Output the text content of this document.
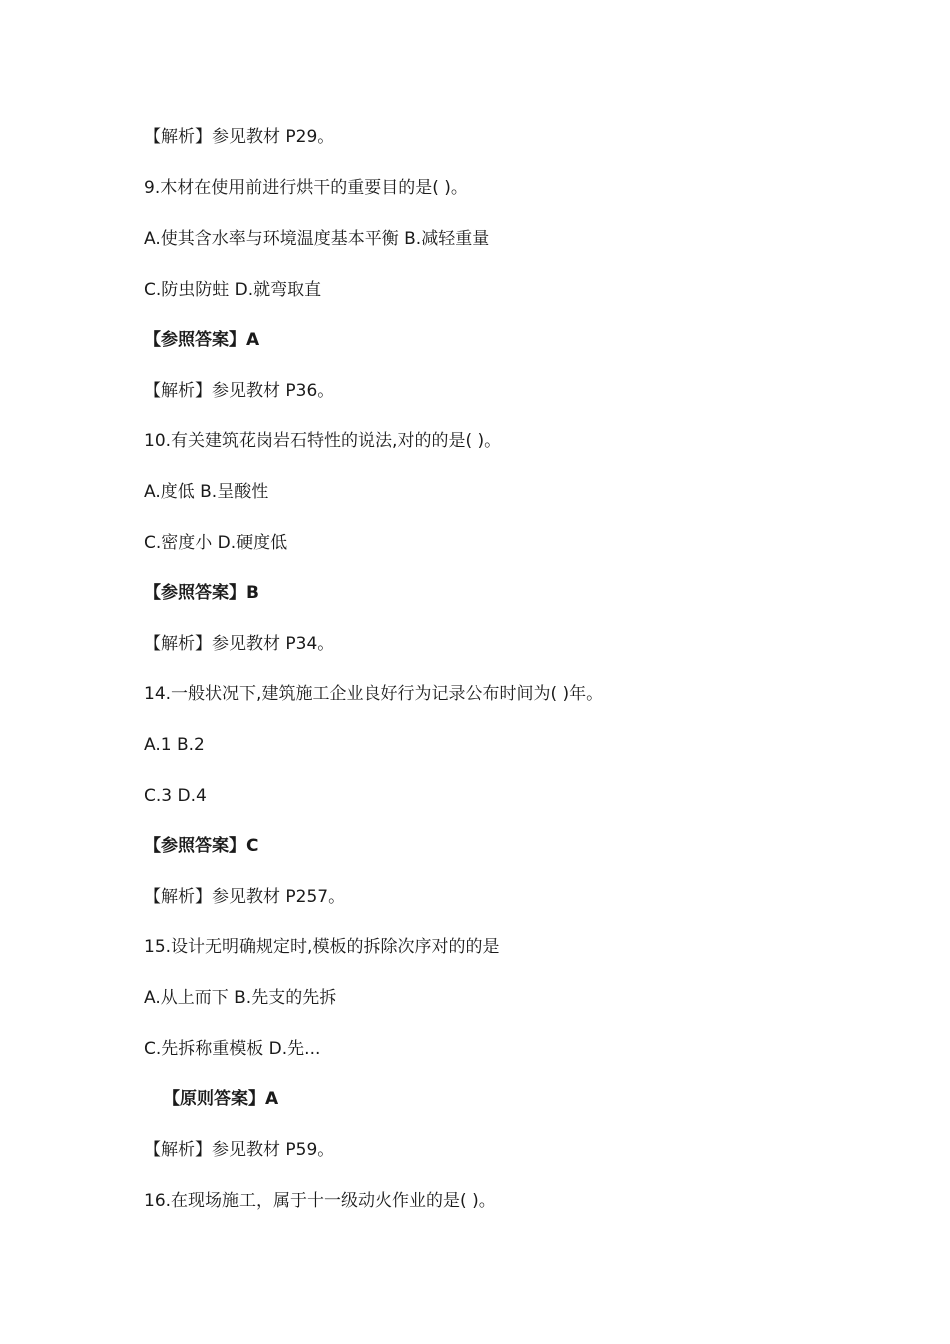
【解析】参见教材 P29。
9.木材在使用前进行烘干的重要目的是( )。
A.使其含水率与环境温度基本平衡 B.减轻重量
C.防虫防蛀 D.就弯取直
【参照答案】A
【解析】参见教材 P36。
10.有关建筑花岗岩石特性的说法,对的的是( )。
A.度低 B.呈酸性
C.密度小 D.硬度低
【参照答案】B
【解析】参见教材 P34。
14.一般状况下,建筑施工企业良好行为记录公布时间为( )年。
A.1 B.2
C.3 D.4
【参照答案】C
【解析】参见教材 P257。
15.设计无明确规定时,模板的拆除次序对的的是
A.从上而下 B.先支的先拆
C.先拆称重模板 D.先...
【原则答案】A
【解析】参见教材 P59。
16.在现场施工，属于十一级动火作业的是( )。
